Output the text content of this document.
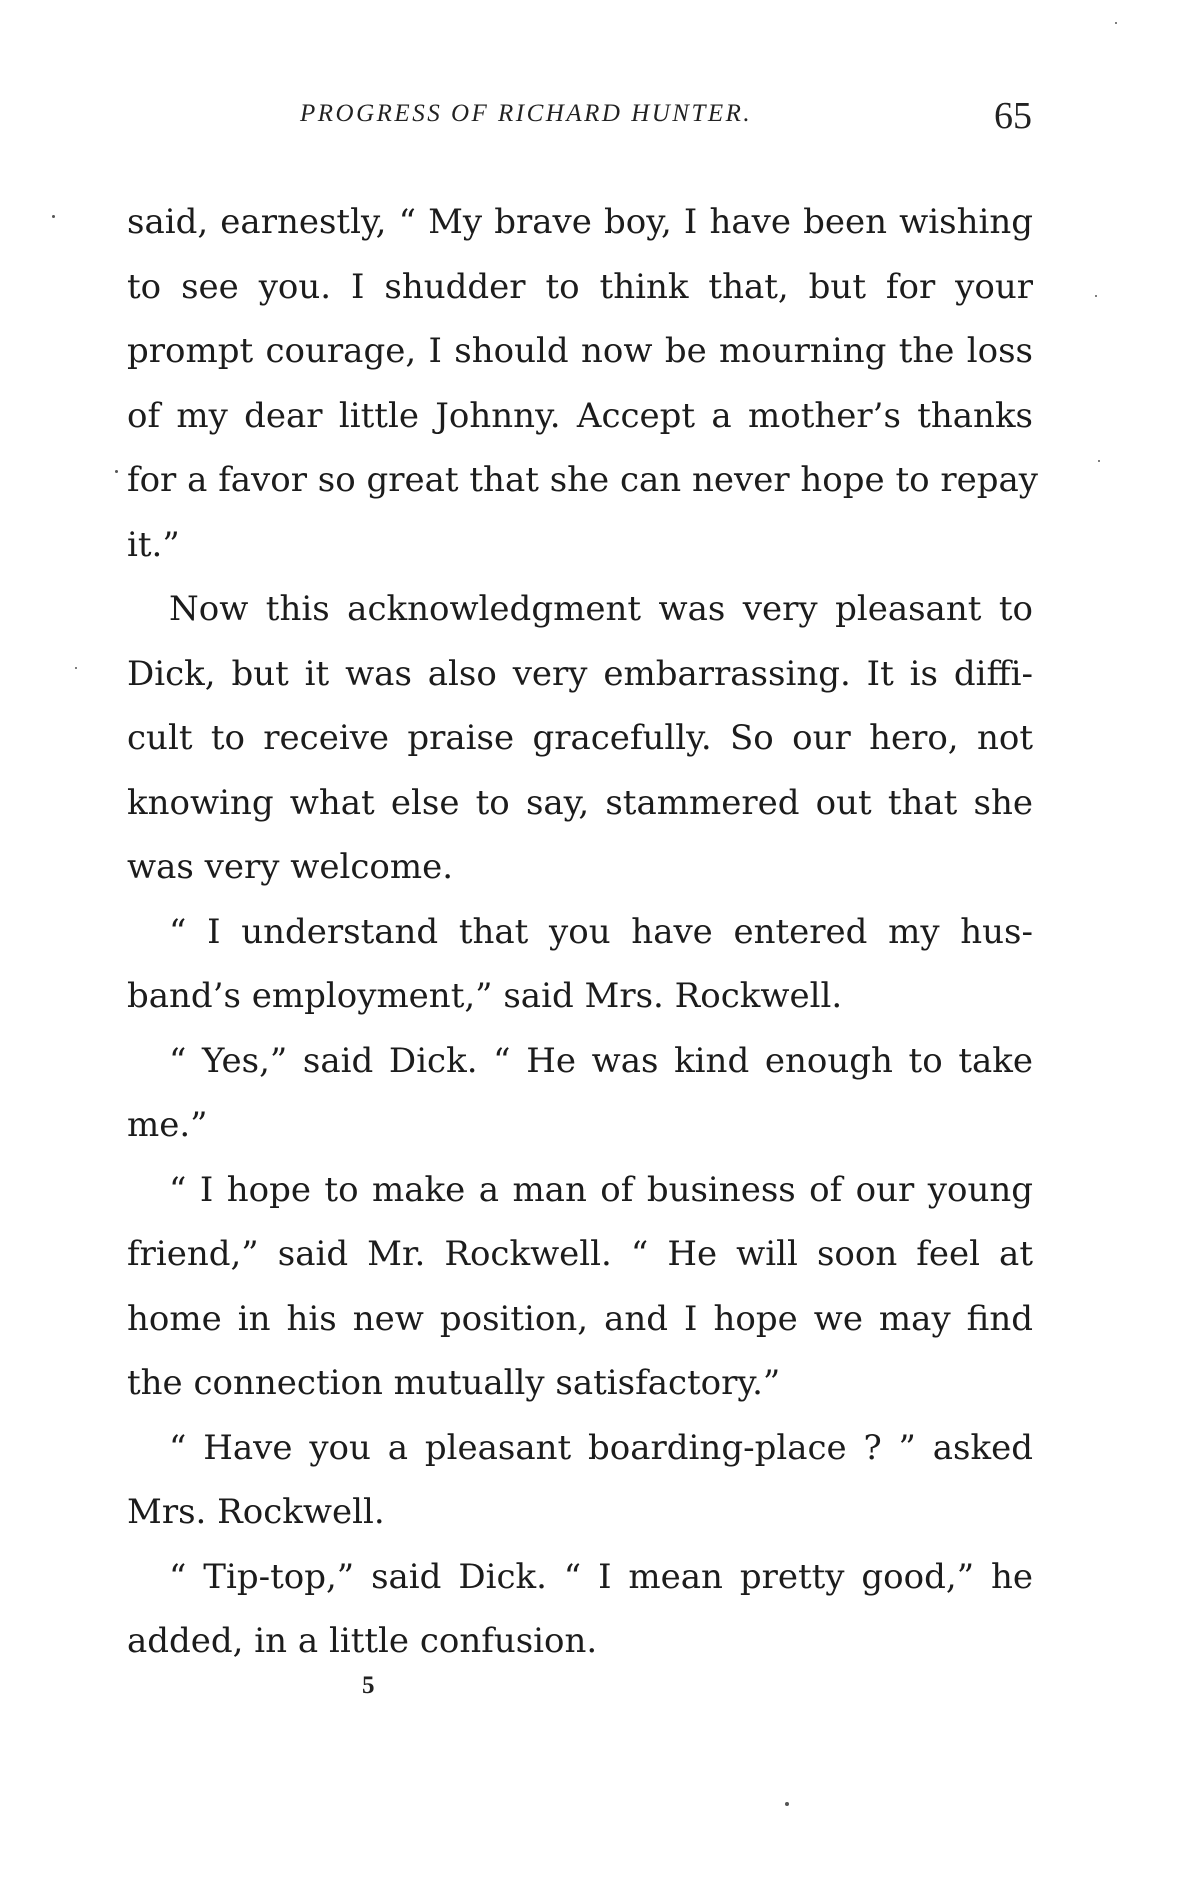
PROGRESS OF RICHARD HUNTER.	65
said, earnestly, “ My brave boy, I have been wishing
to see you. I shudder to think that, but for your
prompt courage, I should now be mourning the loss
of my dear little Johnny. Accept a mother’s thanks
for a favor so great that she can never hope to repay
it.”
Now this acknowledgment was very pleasant to
Dick, but it was also very embarrassing. It is diffi-
cult to receive praise gracefully. So our hero, not
knowing what else to say, stammered out that she
was very welcome.
“ I understand that you have entered my hus-
band’s employment,” said Mrs. Rockwell.
“ Yes,” said Dick. “ He was kind enough to take
me.”
“ I hope to make a man of business of our young
friend,” said Mr. Rockwell. “ He will soon feel at
home in his new position, and I hope we may find
the connection mutually satisfactory.”
“ Have you a pleasant boarding-place ? ” asked
Mrs. Rockwell.
“ Tip-top,” said Dick. “ I mean pretty good,” he
added, in a little confusion.
5
